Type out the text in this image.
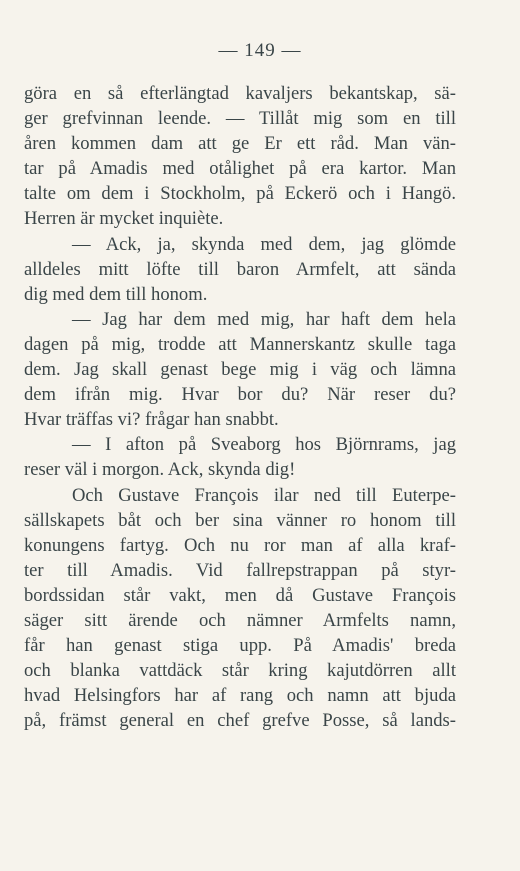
— 149 —
göra en så efterlängtad kavaljers bekantskap, sä-
ger grefvinnan leende. — Tillåt mig som en till
åren kommen dam att ge Er ett råd. Man vän-
tar på Amadis med otålighet på era kartor. Man
talte om dem i Stockholm, på Eckerö och i Hangö.
Herren är mycket inquiète.
— Ack, ja, skynda med dem, jag glömde
alldeles mitt löfte till baron Armfelt, att sända
dig med dem till honom.
— Jag har dem med mig, har haft dem hela
dagen på mig, trodde att Mannerskantz skulle taga
dem. Jag skall genast bege mig i väg och lämna
dem ifrån mig. Hvar bor du? När reser du?
Hvar träffas vi? frågar han snabbt.
— I afton på Sveaborg hos Björnrams, jag
reser väl i morgon. Ack, skynda dig!
Och Gustave François ilar ned till Euterpe-
sällskapets båt och ber sina vänner ro honom till
konungens fartyg. Och nu ror man af alla kraf-
ter till Amadis. Vid fallrepstrappan på styr-
bordssidan står vakt, men då Gustave François
säger sitt ärende och nämner Armfelts namn,
får han genast stiga upp. På Amadis' breda
och blanka vattdäck står kring kajutdörren allt
hvad Helsingfors har af rang och namn att bjuda
på, främst general en chef grefve Posse, så lands-
